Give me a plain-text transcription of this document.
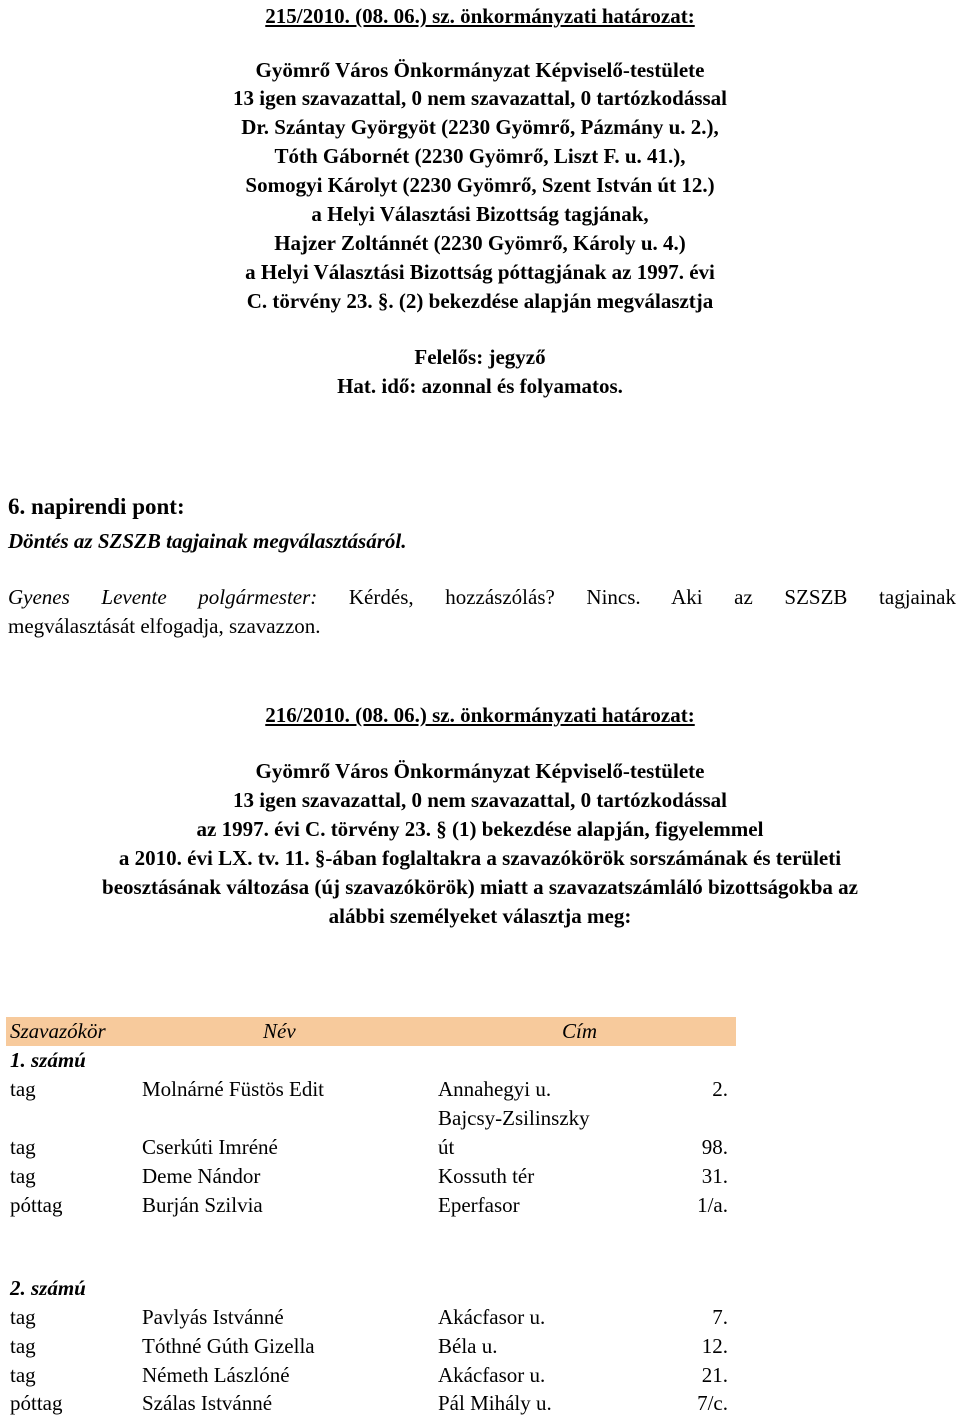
215/2010. (08. 06.) sz. önkormányzati határozat:
Gyömrő Város Önkormányzat Képviselő-testülete
13 igen szavazattal, 0 nem szavazattal, 0 tartózkodással
Dr. Szántay Györgyöt (2230 Gyömrő, Pázmány u. 2.),
Tóth Gábornét (2230 Gyömrő, Liszt F. u. 41.),
Somogyi Károlyt (2230 Gyömrő, Szent István út 12.)
a Helyi Választási Bizottság tagjának,
Hajzer Zoltánnét (2230 Gyömrő, Károly u. 4.)
a Helyi Választási Bizottság póttagjának az 1997. évi
C. törvény 23. §. (2) bekezdése alapján megválasztja
Felelős: jegyző
Hat. idő: azonnal és folyamatos.
6. napirendi pont:
Döntés az SZSZB tagjainak megválasztásáról.
Gyenes Levente polgármester: Kérdés, hozzászólás? Nincs. Aki az SZSZB tagjainak
megválasztását elfogadja, szavazzon.
216/2010. (08. 06.) sz. önkormányzati határozat:
Gyömrő Város Önkormányzat Képviselő-testülete
13 igen szavazattal, 0 nem szavazattal, 0 tartózkodással
az 1997. évi C. törvény 23. § (1) bekezdése alapján, figyelemmel
a 2010. évi LX. tv. 11. §-ában foglaltakra a szavazókörök sorszámának és területi
beosztásának változása (új szavazókörök) miatt a szavazatszámláló bizottságokba az
alábbi személyeket választja meg:
Szavazókör	Név	Cím
1. számú
tag	Molnárné Füstös Edit	Annahegyi u.	2.
Bajcsy-Zsilinszky
tag	Cserkúti Imréné	út	98.
tag	Deme Nándor	Kossuth tér	31.
póttag	Burján Szilvia	Eperfasor	1/a.
2. számú
tag	Pavlyás Istvánné	Akácfasor u.	7.
tag	Tóthné Gúth Gizella	Béla u.	12.
tag	Németh Lászlóné	Akácfasor u.	21.
póttag	Szálas Istvánné	Pál Mihály u.	7/c.
